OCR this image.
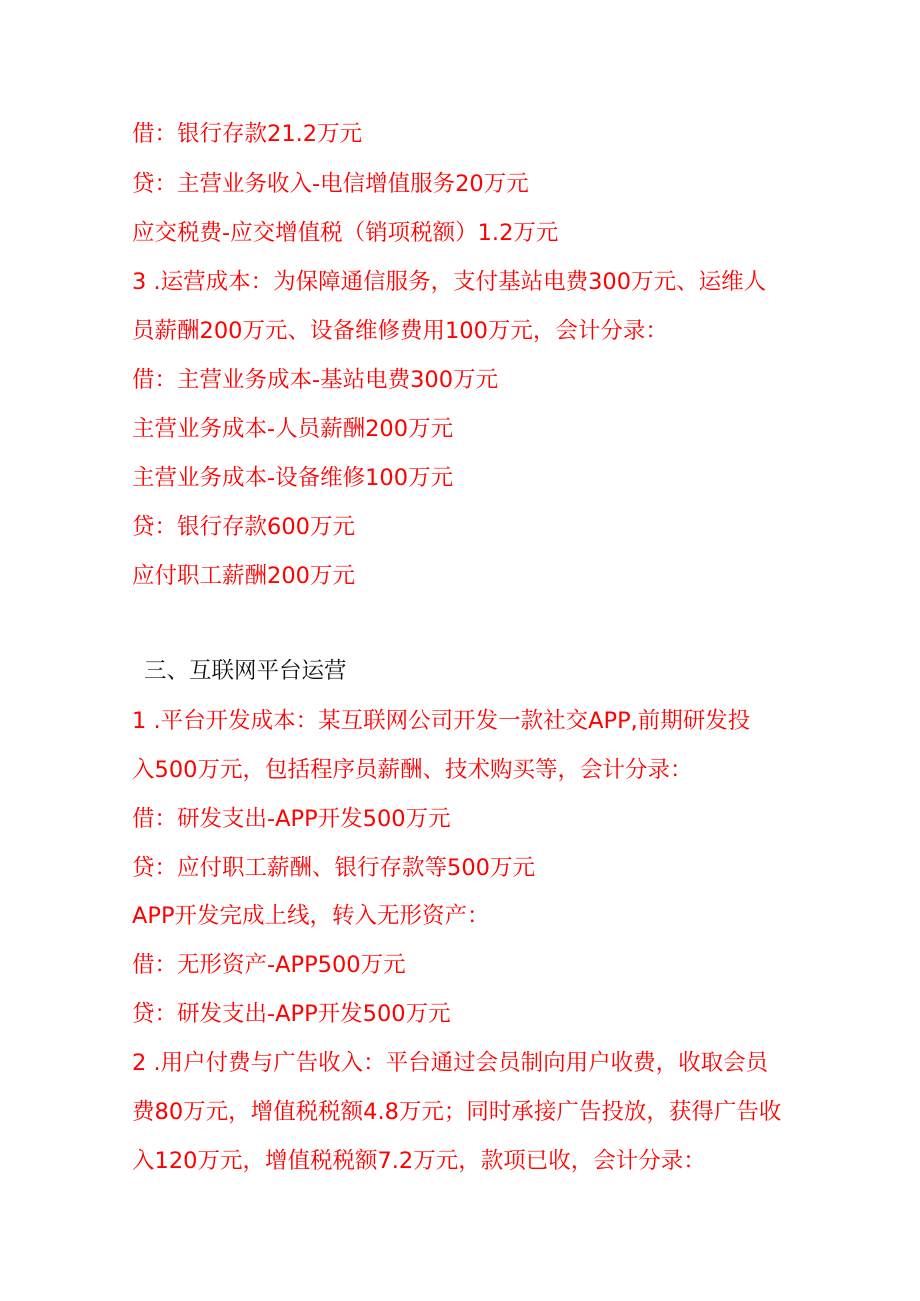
借：银行存款21.2万元
贷：主营业务收入-电信增值服务20万元
应交税费-应交增值税（销项税额）1.2万元
3 .运营成本：为保障通信服务，支付基站电费300万元、运维人
员薪酬200万元、设备维修费用100万元，会计分录：
借：主营业务成本-基站电费300万元
主营业务成本-人员薪酬200万元
主营业务成本-设备维修100万元
贷：银行存款600万元
应付职工薪酬200万元
三、互联网平台运营
1 .平台开发成本：某互联网公司开发一款社交APP,前期研发投
入500万元，包括程序员薪酬、技术购买等，会计分录：
借：研发支出-APP开发500万元
贷：应付职工薪酬、银行存款等500万元
APP开发完成上线，转入无形资产：
借：无形资产-APP500万元
贷：研发支出-APP开发500万元
2 .用户付费与广告收入：平台通过会员制向用户收费，收取会员
费80万元，增值税税额4.8万元；同时承接广告投放，获得广告收
入120万元，增值税税额7.2万元，款项已收，会计分录：
